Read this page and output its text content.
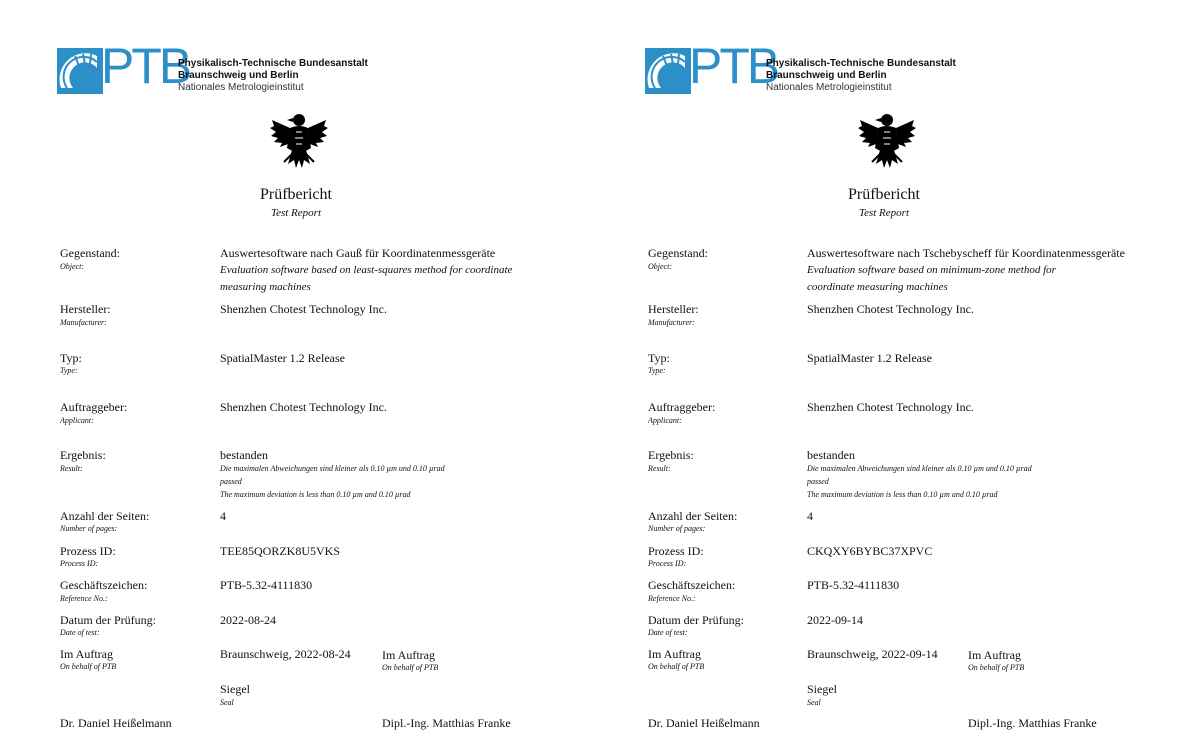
PTB
Physikalisch-Technische Bundesanstalt
Braunschweig und Berlin
Nationales Metrologieinstitut
Prüfbericht
Test Report
Gegenstand:
Object:
Auswertesoftware nach Gauß für Koordinatenmessgeräte
Evaluation software based on least-squares method for coordinate
measuring machines
Hersteller:
Manufacturer:
Shenzhen Chotest Technology Inc.
Typ:
Type:
SpatialMaster 1.2 Release
Auftraggeber:
Applicant:
Shenzhen Chotest Technology Inc.
Ergebnis:
Result:
bestanden
Die maximalen Abweichungen sind kleiner als 0.10 µm und 0.10 µrad
passed
The maximum deviation is less than 0.10 µm and 0.10 µrad
Anzahl der Seiten:
Number of pages:
4
Prozess ID:
Process ID:
TEE85QORZK8U5VKS
Geschäftszeichen:
Reference No.:
PTB-5.32-4111830
Datum der Prüfung:
Date of test:
2022-08-24
Im Auftrag
On behalf of PTB
Braunschweig, 2022-08-24	Im Auftrag
On behalf of PTB
Siegel
Seal
Dr. Daniel Heißelmann	Dipl.-Ing. Matthias Franke
PTB
Physikalisch-Technische Bundesanstalt
Braunschweig und Berlin
Nationales Metrologieinstitut
Prüfbericht
Test Report
Gegenstand:
Object:
Auswertesoftware nach Tschebyscheff für Koordinatenmessgeräte
Evaluation software based on minimum-zone method for
coordinate measuring machines
Hersteller:
Manufacturer:
Shenzhen Chotest Technology Inc.
Typ:
Type:
SpatialMaster 1.2 Release
Auftraggeber:
Applicant:
Shenzhen Chotest Technology Inc.
Ergebnis:
Result:
bestanden
Die maximalen Abweichungen sind kleiner als 0.10 µm und 0.10 µrad
passed
The maximum deviation is less than 0.10 µm and 0.10 µrad
Anzahl der Seiten:
Number of pages:
4
Prozess ID:
Process ID:
CKQXY6BYBC37XPVC
Geschäftszeichen:
Reference No.:
PTB-5.32-4111830
Datum der Prüfung:
Date of test:
2022-09-14
Im Auftrag
On behalf of PTB
Braunschweig, 2022-09-14	Im Auftrag
On behalf of PTB
Siegel
Seal
Dr. Daniel Heißelmann	Dipl.-Ing. Matthias Franke
